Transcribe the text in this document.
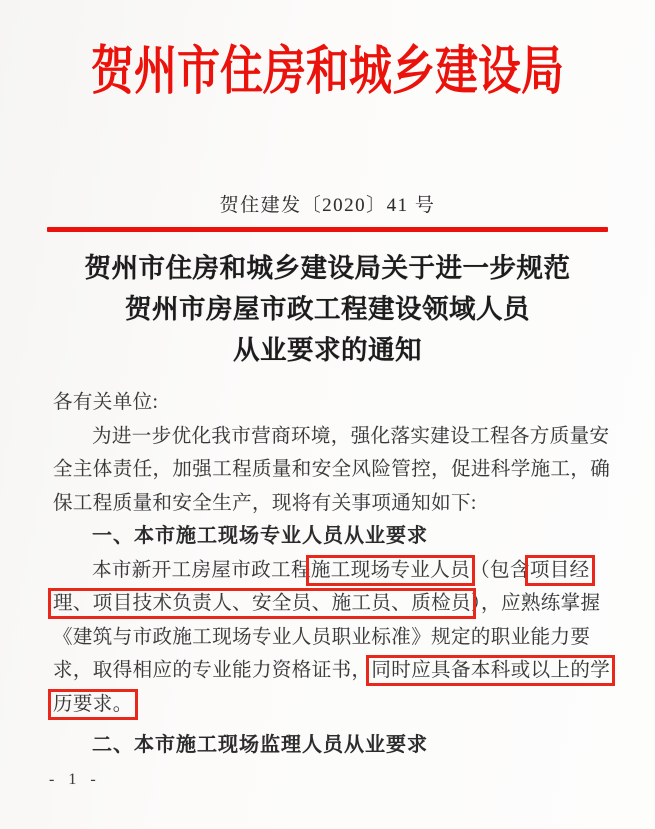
贺州市住房和城乡建设局
贺住建发〔2020〕41 号
贺州市住房和城乡建设局关于进一步规范
贺州市房屋市政工程建设领域人员
从业要求的通知
各有关单位:
为进一步优化我市营商环境，强化落实建设工程各方质量安
全主体责任，加强工程质量和安全风险管控，促进科学施工，确
保工程质量和安全生产，现将有关事项通知如下:
一、本市施工现场专业人员从业要求
本市新开工房屋市政工程施工现场专业人员（包含项目经
理、项目技术负责人、安全员、施工员、质检员），应熟练掌握
《建筑与市政施工现场专业人员职业标准》规定的职业能力要
求，取得相应的专业能力资格证书，同时应具备本科或以上的学
历要求。
二、本市施工现场监理人员从业要求
- 1 -
